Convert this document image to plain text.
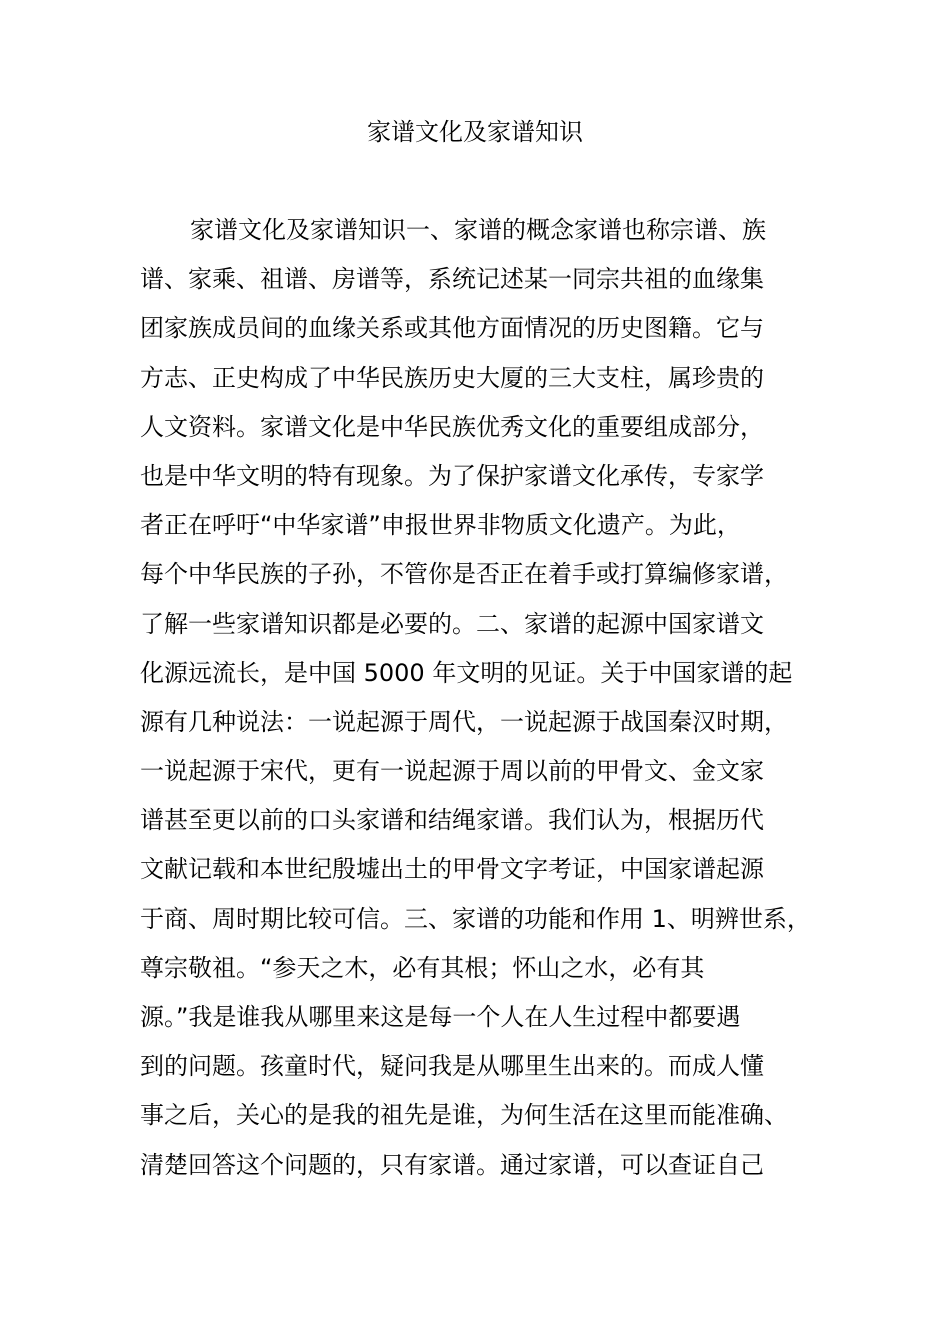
家谱文化及家谱知识
家谱文化及家谱知识一、家谱的概念家谱也称宗谱、族
谱、家乘、祖谱、房谱等，系统记述某一同宗共祖的血缘集
团家族成员间的血缘关系或其他方面情况的历史图籍。它与
方志、正史构成了中华民族历史大厦的三大支柱，属珍贵的
人文资料。家谱文化是中华民族优秀文化的重要组成部分，
也是中华文明的特有现象。为了保护家谱文化承传，专家学
者正在呼吁“中华家谱”申报世界非物质文化遗产。为此，
每个中华民族的子孙，不管你是否正在着手或打算编修家谱，
了解一些家谱知识都是必要的。二、家谱的起源中国家谱文
化源远流长，是中国 5000 年文明的见证。关于中国家谱的起
源有几种说法：一说起源于周代，一说起源于战国秦汉时期，
一说起源于宋代，更有一说起源于周以前的甲骨文、金文家
谱甚至更以前的口头家谱和结绳家谱。我们认为，根据历代
文献记载和本世纪殷墟出土的甲骨文字考证，中国家谱起源
于商、周时期比较可信。三、家谱的功能和作用 1、明辨世系，
尊宗敬祖。“参天之木，必有其根；怀山之水，必有其
源。”我是谁我从哪里来这是每一个人在人生过程中都要遇
到的问题。孩童时代，疑问我是从哪里生出来的。而成人懂
事之后，关心的是我的祖先是谁，为何生活在这里而能准确、
清楚回答这个问题的，只有家谱。通过家谱，可以查证自己
